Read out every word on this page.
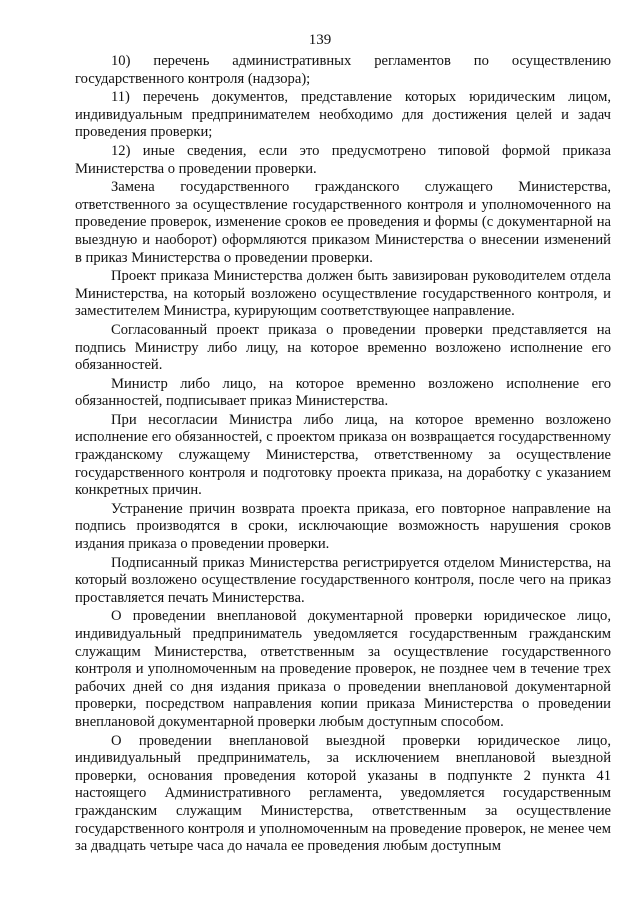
139

10) перечень административных регламентов по осуществлению государственного контроля (надзора);

11) перечень документов, представление которых юридическим лицом, индивидуальным предпринимателем необходимо для достижения целей и задач проведения проверки;

12) иные сведения, если это предусмотрено типовой формой приказа Министерства о проведении проверки.

Замена государственного гражданского служащего Министерства, ответственного за осуществление государственного контроля и уполномоченного на проведение проверок, изменение сроков ее проведения и формы (с документарной на выездную и наоборот) оформляются приказом Министерства о внесении изменений в приказ Министерства о проведении проверки.

Проект приказа Министерства должен быть завизирован руководителем отдела Министерства, на который возложено осуществление государственного контроля, и заместителем Министра, курирующим соответствующее направление.

Согласованный проект приказа о проведении проверки представляется на подпись Министру либо лицу, на которое временно возложено исполнение его обязанностей.

Министр либо лицо, на которое временно возложено исполнение его обязанностей, подписывает приказ Министерства.

При несогласии Министра либо лица, на которое временно возложено исполнение его обязанностей, с проектом приказа он возвращается государственному гражданскому служащему Министерства, ответственному за осуществление государственного контроля и подготовку проекта приказа, на доработку с указанием конкретных причин.

Устранение причин возврата проекта приказа, его повторное направление на подпись производятся в сроки, исключающие возможность нарушения сроков издания приказа о проведении проверки.

Подписанный приказ Министерства регистрируется отделом Министерства, на который возложено осуществление государственного контроля, после чего на приказ проставляется печать Министерства.

О проведении внеплановой документарной проверки юридическое лицо, индивидуальный предприниматель уведомляется государственным гражданским служащим Министерства, ответственным за осуществление государственного контроля и уполномоченным на проведение проверок, не позднее чем в течение трех рабочих дней со дня издания приказа о проведении внеплановой документарной проверки, посредством направления копии приказа Министерства о проведении внеплановой документарной проверки любым доступным способом.

О проведении внеплановой выездной проверки юридическое лицо, индивидуальный предприниматель, за исключением внеплановой выездной проверки, основания проведения которой указаны в подпункте 2 пункта 41 настоящего Административного регламента, уведомляется государственным гражданским служащим Министерства, ответственным за осуществление государственного контроля и уполномоченным на проведение проверок, не менее чем за двадцать четыре часа до начала ее проведения любым доступным
